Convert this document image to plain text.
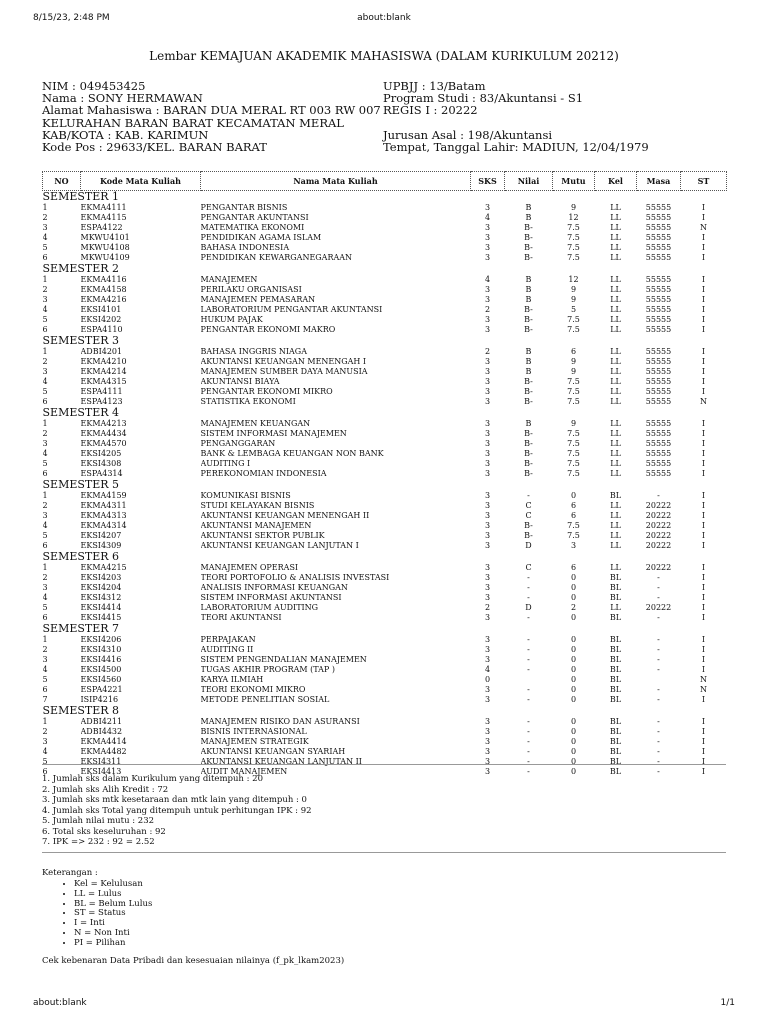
8/15/23, 2:48 PM	about:blank
Lembar KEMAJUAN AKADEMIK MAHASISWA (DALAM KURIKULUM 20212)
NIM : 049453425
Nama : SONY HERMAWAN
Alamat Mahasiswa : BARAN DUA MERAL RT 003 RW 007
KELURAHAN BARAN BARAT KECAMATAN MERAL
KAB/KOTA : KAB. KARIMUN
Kode Pos : 29633/KEL. BARAN BARAT
UPBJJ : 13/Batam
Program Studi : 83/Akuntansi - S1
REGIS I : 20222
Jurusan Asal : 198/Akuntansi
Tempat, Tanggal Lahir: MADIUN, 12/04/1979
NO	Kode Mata Kuliah	Nama Mata Kuliah	SKS	Nilai	Mutu	Kel	Masa	ST
SEMESTER 1								
1	EKMA4111	PENGANTAR BISNIS	3	B	9	LL	55555	I
2	EKMA4115	PENGANTAR AKUNTANSI	4	B	12	LL	55555	I
3	ESPA4122	MATEMATIKA EKONOMI	3	B-	7.5	LL	55555	N
4	MKWU4101	PENDIDIKAN AGAMA ISLAM	3	B-	7.5	LL	55555	I
5	MKWU4108	BAHASA INDONESIA	3	B-	7.5	LL	55555	I
6	MKWU4109	PENDIDIKAN KEWARGANEGARAAN	3	B-	7.5	LL	55555	I
SEMESTER 2								
1	EKMA4116	MANAJEMEN	4	B	12	LL	55555	I
2	EKMA4158	PERILAKU ORGANISASI	3	B	9	LL	55555	I
3	EKMA4216	MANAJEMEN PEMASARAN	3	B	9	LL	55555	I
4	EKSI4101	LABORATORIUM PENGANTAR AKUNTANSI	2	B-	5	LL	55555	I
5	EKSI4202	HUKUM PAJAK	3	B-	7.5	LL	55555	I
6	ESPA4110	PENGANTAR EKONOMI MAKRO	3	B-	7.5	LL	55555	I
SEMESTER 3								
1	ADBI4201	BAHASA INGGRIS NIAGA	2	B	6	LL	55555	I
2	EKMA4210	AKUNTANSI KEUANGAN MENENGAH I	3	B	9	LL	55555	I
3	EKMA4214	MANAJEMEN SUMBER DAYA MANUSIA	3	B	9	LL	55555	I
4	EKMA4315	AKUNTANSI BIAYA	3	B-	7.5	LL	55555	I
5	ESPA4111	PENGANTAR EKONOMI MIKRO	3	B-	7.5	LL	55555	I
6	ESPA4123	STATISTIKA EKONOMI	3	B-	7.5	LL	55555	N
SEMESTER 4								
1	EKMA4213	MANAJEMEN KEUANGAN	3	B	9	LL	55555	I
2	EKMA4434	SISTEM INFORMASI MANAJEMEN	3	B-	7.5	LL	55555	I
3	EKMA4570	PENGANGGARAN	3	B-	7.5	LL	55555	I
4	EKSI4205	BANK & LEMBAGA KEUANGAN NON BANK	3	B-	7.5	LL	55555	I
5	EKSI4308	AUDITING I	3	B-	7.5	LL	55555	I
6	ESPA4314	PEREKONOMIAN INDONESIA	3	B-	7.5	LL	55555	I
SEMESTER 5								
1	EKMA4159	KOMUNIKASI BISNIS	3	-	0	BL	-	I
2	EKMA4311	STUDI KELAYAKAN BISNIS	3	C	6	LL	20222	I
3	EKMA4313	AKUNTANSI KEUANGAN MENENGAH II	3	C	6	LL	20222	I
4	EKMA4314	AKUNTANSI MANAJEMEN	3	B-	7.5	LL	20222	I
5	EKSI4207	AKUNTANSI SEKTOR PUBLIK	3	B-	7.5	LL	20222	I
6	EKSI4309	AKUNTANSI KEUANGAN LANJUTAN I	3	D	3	LL	20222	I
SEMESTER 6								
1	EKMA4215	MANAJEMEN OPERASI	3	C	6	LL	20222	I
2	EKSI4203	TEORI PORTOFOLIO & ANALISIS INVESTASI	3	-	0	BL	-	I
3	EKSI4204	ANALISIS INFORMASI KEUANGAN	3	-	0	BL	-	I
4	EKSI4312	SISTEM INFORMASI AKUNTANSI	3	-	0	BL	-	I
5	EKSI4414	LABORATORIUM AUDITING	2	D	2	LL	20222	I
6	EKSI4415	TEORI AKUNTANSI	3	-	0	BL	-	I
SEMESTER 7								
1	EKSI4206	PERPAJAKAN	3	-	0	BL	-	I
2	EKSI4310	AUDITING II	3	-	0	BL	-	I
3	EKSI4416	SISTEM PENGENDALIAN MANAJEMEN	3	-	0	BL	-	I
4	EKSI4500	TUGAS AKHIR PROGRAM (TAP )	4	-	0	BL	-	I
5	EKSI4560	KARYA ILMIAH	0		0	BL		N
6	ESPA4221	TEORI EKONOMI MIKRO	3	-	0	BL	-	N
7	ISIP4216	METODE PENELITIAN SOSIAL	3	-	0	BL	-	I
SEMESTER 8								
1	ADBI4211	MANAJEMEN RISIKO DAN ASURANSI	3	-	0	BL	-	I
2	ADBI4432	BISNIS INTERNASIONAL	3	-	0	BL	-	I
3	EKMA4414	MANAJEMEN STRATEGIK	3	-	0	BL	-	I
4	EKMA4482	AKUNTANSI KEUANGAN SYARIAH	3	-	0	BL	-	I
5	EKSI4311	AKUNTANSI KEUANGAN LANJUTAN II	3	-	0	BL	-	I
6	EKSI4413	AUDIT MANAJEMEN	3	-	0	BL	-	I
1. Jumlah sks dalam Kurikulum yang ditempuh : 20
2. Jumlah sks Alih Kredit : 72
3. Jumlah sks mtk kesetaraan dan mtk lain yang ditempuh : 0
4. Jumlah sks Total yang ditempuh untuk perhitungan IPK : 92
5. Jumlah nilai mutu : 232
6. Total sks keseluruhan : 92
7. IPK => 232 : 92 = 2.52
Keterangan :
• Kel = Kelulusan
• LL = Lulus
• BL = Belum Lulus
• ST = Status
• I = Inti
• N = Non Inti
• PI = Pilihan
Cek kebenaran Data Pribadi dan kesesuaian nilainya (f_pk_lkam2023)
about:blank	1/1
